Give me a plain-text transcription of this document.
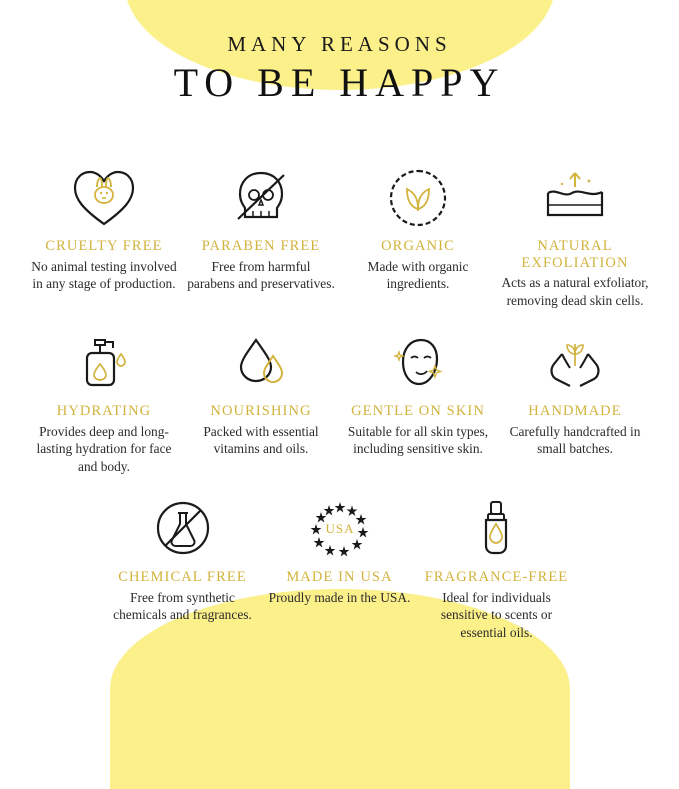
MANY REASONS
TO BE HAPPY
CRUELTY FREE

No animal testing involved in any stage of production.

PARABEN FREE

Free from harmful parabens and preservatives.

ORGANIC

Made with organic ingredients.

NATURAL EXFOLIATION

Acts as a natural exfoliator, removing dead skin cells.

HYDRATING

Provides deep and long-lasting hydration for face and body.

NOURISHING

Packed with essential vitamins and oils.

GENTLE ON SKIN

Suitable for all skin types, including sensitive skin.

HANDMADE

Carefully handcrafted in small batches.

CHEMICAL FREE

Free from synthetic chemicals and fragrances.

USA
MADE IN USA

Proudly made in the USA.

FRAGRANCE-FREE

Ideal for individuals sensitive to scents or essential oils.
